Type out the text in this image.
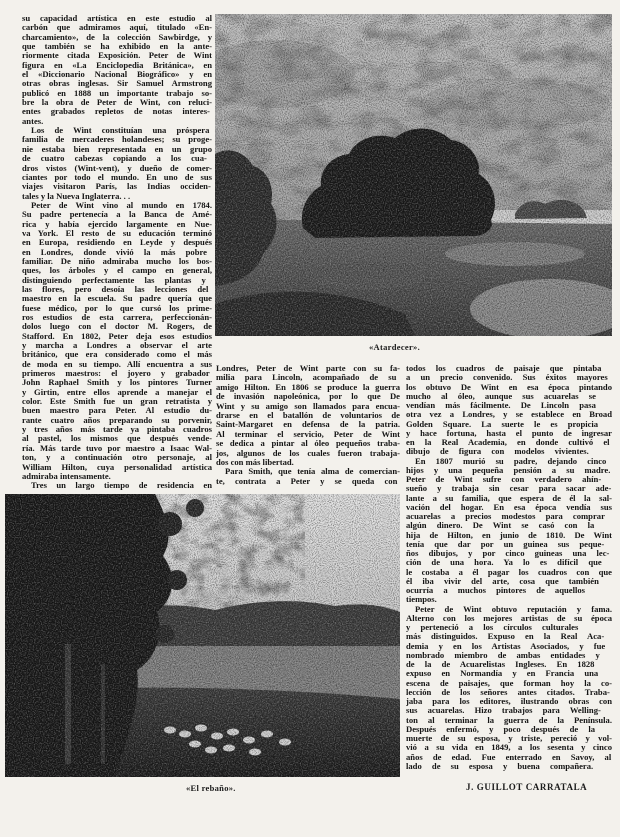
su capacidad artística en este estudio al
carbón que admiramos aquí, titulado «En-
charcamiento», de la colección Sawbirdge, y
que también se ha exhibido en la ante-
riormente citada Exposición. Peter de Wint
figura en «La Enciclopedia Británica», en
el «Diccionario Nacional Biográfico» y en
otras obras inglesas. Sir Samuel Armstrong
publicó en 1888 un importante trabajo so-
bre la obra de Peter de Wint, con reluci-
entes grabados repletos de notas interes-
antes.
Los de Wint constituían una próspera
familia de mercaderes holandeses; su proge-
nie estaba bien representada en un grupo
de cuatro cabezas copiando a los cua-
dros vistos (Wint-vent), y dueño de comer-
ciantes por todo el mundo. En uno de sus
viajes visitaron París, las Indias occiden-
tales y la Nueva Inglaterra. . .
Peter de Wint vino al mundo en 1784.
Su padre pertenecía a la Banca de Amé-
rica y había ejercido largamente en Nue-
va York. El resto de su educación terminó
en Europa, residiendo en Leyde y después
en Londres, donde vivió la más pobre
familiar. De niño admiraba mucho los bos-
ques, los árboles y el campo en general,
distinguiendo perfectamente las plantas y
las flores, pero desoía las lecciones del
maestro en la escuela. Su padre quería que
fuese médico, por lo que cursó los prime-
ros estudios de esta carrera, perfeccionán-
dolos luego con el doctor M. Rogers, de
Stafford. En 1802, Peter deja esos estudios
y marcha a Londres a observar el arte
británico, que era considerado como el más
de moda en su tiempo. Allí encuentra a sus
primeros maestros: el joyero y grabador
John Raphael Smith y los pintores Turner
y Girtin, entre ellos aprende a manejar el
color. Este Smith fue un gran retratista y
buen maestro para Peter. Al estudio du-
rante cuatro años preparando su porvenir,
y tres años más tarde ya pintaba cuadros
al pastel, los mismos que después vende-
ría. Más tarde tuvo por maestro a Isaac Wal-
ton, y a continuación otro personaje, al
William Hilton, cuya personalidad artística
admiraba intensamente.
Tres un largo tiempo de residencia en
«Atardecer».
Londres, Peter de Wint parte con su fa-
milia para Lincoln, acompañado de su
amigo Hilton. En 1806 se produce la guerra
de invasión napoleónica, por lo que De
Wint y su amigo son llamados para encua-
drarse en el batallón de voluntarios de
Saint-Margaret en defensa de la patria.
Al terminar el servicio, Peter de Wint
se dedica a pintar al óleo pequeños traba-
jos, algunos de los cuales fueron trabaja-
dos con más libertad.
Para Smith, que tenía alma de comercian-
te, contrata a Peter y se queda con
todos los cuadros de paisaje que pintaba
a un precio convenido. Sus éxitos mayores
los obtuvo De Wint en esa época pintando
mucho al óleo, aunque sus acuarelas se
vendían más fácilmente. De Lincoln pasa
otra vez a Londres, y se establece en Broad
Golden Square. La suerte le es propicia
y hace fortuna, hasta el punto de ingresar
en la Real Academia, en donde cultivó el
dibujo de figura con modelos vivientes.
En 1807 murió su padre, dejando cinco
hijos y una pequeña pensión a su madre.
Peter de Wint sufre con verdadero ahín-
sueño y trabaja sin cesar para sacar ade-
lante a su familia, que espera de él la sal-
vación del hogar. En esa época vendía sus
acuarelas a precios modestos para comprar
algún dinero. De Wint se casó con la
hija de Hilton, en junio de 1810. De Wint
tenía que dar por un guinea sus peque-
ños dibujos, y por cinco guineas una lec-
ción de una hora. Ya lo es difícil que
le costaba a él pagar los cuadros con que
él iba vivir del arte, cosa que también
ocurría a muchos pintores de aquellos
tiempos.
Peter de Wint obtuvo reputación y fama.
Alterno con los mejores artistas de su época
y perteneció a los círculos culturales
más distinguidos. Expuso en la Real Aca-
demia y en los Artistas Asociados, y fue
nombrado miembro de ambas entidades y
de la de Acuarelistas Ingleses. En 1828
expuso en Normandía y en Francia una
escena de paisajes, que forman hoy la co-
lección de los señores antes citados. Traba-
jaba para los editores, ilustrando obras con
sus acuarelas. Hizo trabajos para Welling-
ton al terminar la guerra de la Península.
Después enfermó, y poco después de la
muerte de su esposa, y triste, pereció y vol-
vió a su vida en 1849, a los sesenta y cinco
años de edad. Fue enterrado en Savoy, al
lado de su esposa y buena compañera.
«El rebaño».	J. GUILLOT CARRATALA
